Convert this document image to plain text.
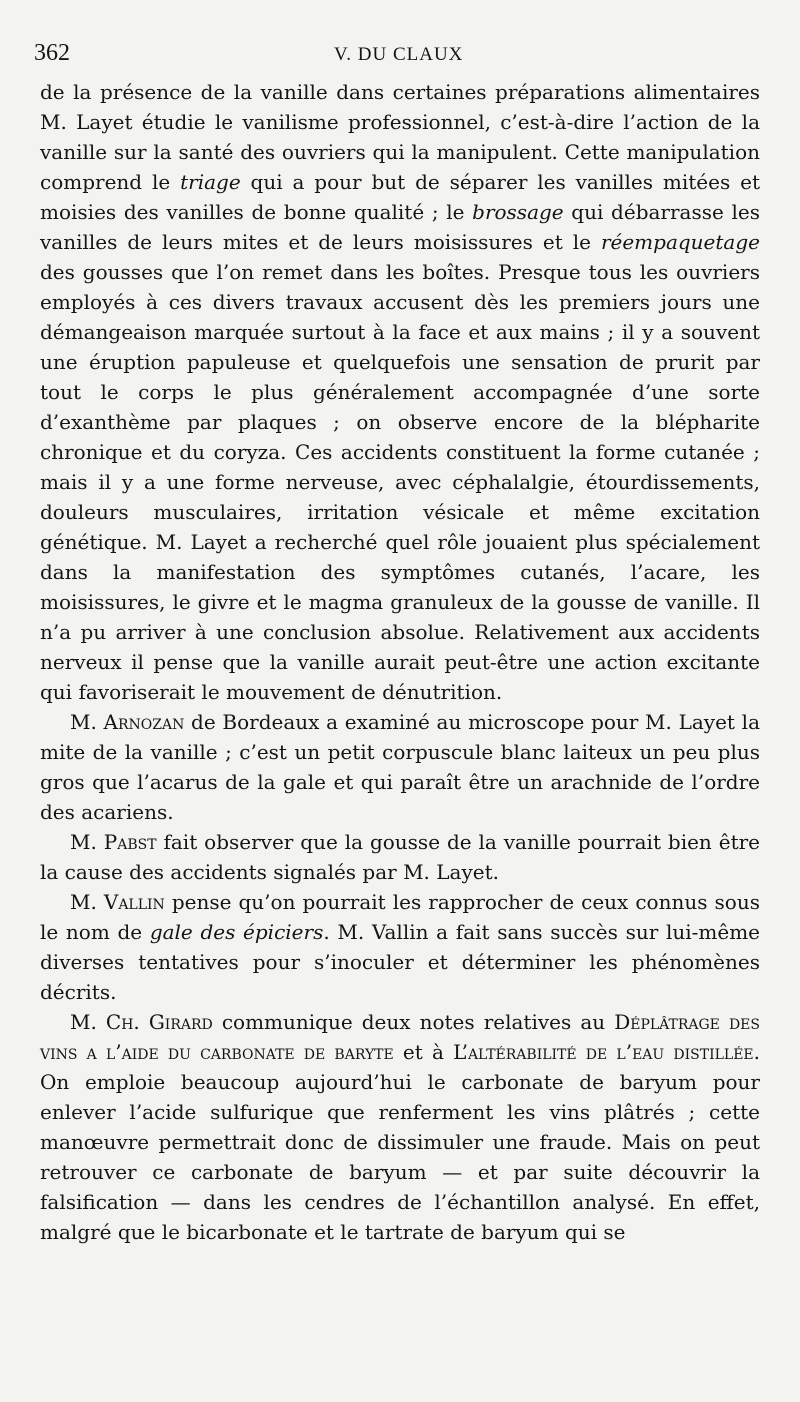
362	V. DU CLAUX

de la présence de la vanille dans certaines préparations alimentaires M. Layet étudie le vanilisme professionnel, c’est-à-dire l’action de la vanille sur la santé des ouvriers qui la manipulent. Cette manipulation comprend le triage qui a pour but de séparer les vanilles mitées et moisies des vanilles de bonne qualité ; le brossage qui débarrasse les vanilles de leurs mites et de leurs moisissures et le réempaquetage des gousses que l’on remet dans les boîtes. Presque tous les ouvriers employés à ces divers travaux accusent dès les premiers jours une démangeaison marquée surtout à la face et aux mains ; il y a souvent une éruption papuleuse et quelquefois une sensation de prurit par tout le corps le plus généralement accompagnée d’une sorte d’exanthème par plaques ; on observe encore de la blépharite chronique et du coryza. Ces accidents constituent la forme cutanée ; mais il y a une forme nerveuse, avec céphalalgie, étourdissements, douleurs musculaires, irritation vésicale et même excitation génétique. M. Layet a recherché quel rôle jouaient plus spécialement dans la manifestation des symptômes cutanés, l’acare, les moisissures, le givre et le magma granuleux de la gousse de vanille. Il n’a pu arriver à une conclusion absolue. Relativement aux accidents nerveux il pense que la vanille aurait peut-être une action excitante qui favoriserait le mouvement de dénutrition.

M. Arnozan de Bordeaux a examiné au microscope pour M. Layet la mite de la vanille ; c’est un petit corpuscule blanc laiteux un peu plus gros que l’acarus de la gale et qui paraît être un arachnide de l’ordre des acariens.

M. Pabst fait observer que la gousse de la vanille pourrait bien être la cause des accidents signalés par M. Layet.

M. Vallin pense qu’on pourrait les rapprocher de ceux connus sous le nom de gale des épiciers. M. Vallin a fait sans succès sur lui-même diverses tentatives pour s’inoculer et déterminer les phénomènes décrits.

M. Ch. Girard communique deux notes relatives au Déplâtrage des vins a l’aide du carbonate de baryte et à L’altérabilité de l’eau distillée. On emploie beaucoup aujourd’hui le carbonate de baryum pour enlever l’acide sulfurique que renferment les vins plâtrés ; cette manœuvre permettrait donc de dissimuler une fraude. Mais on peut retrouver ce carbonate de baryum — et par suite découvrir la falsification — dans les cendres de l’échantillon analysé. En effet, malgré que le bicarbonate et le tartrate de baryum qui se
